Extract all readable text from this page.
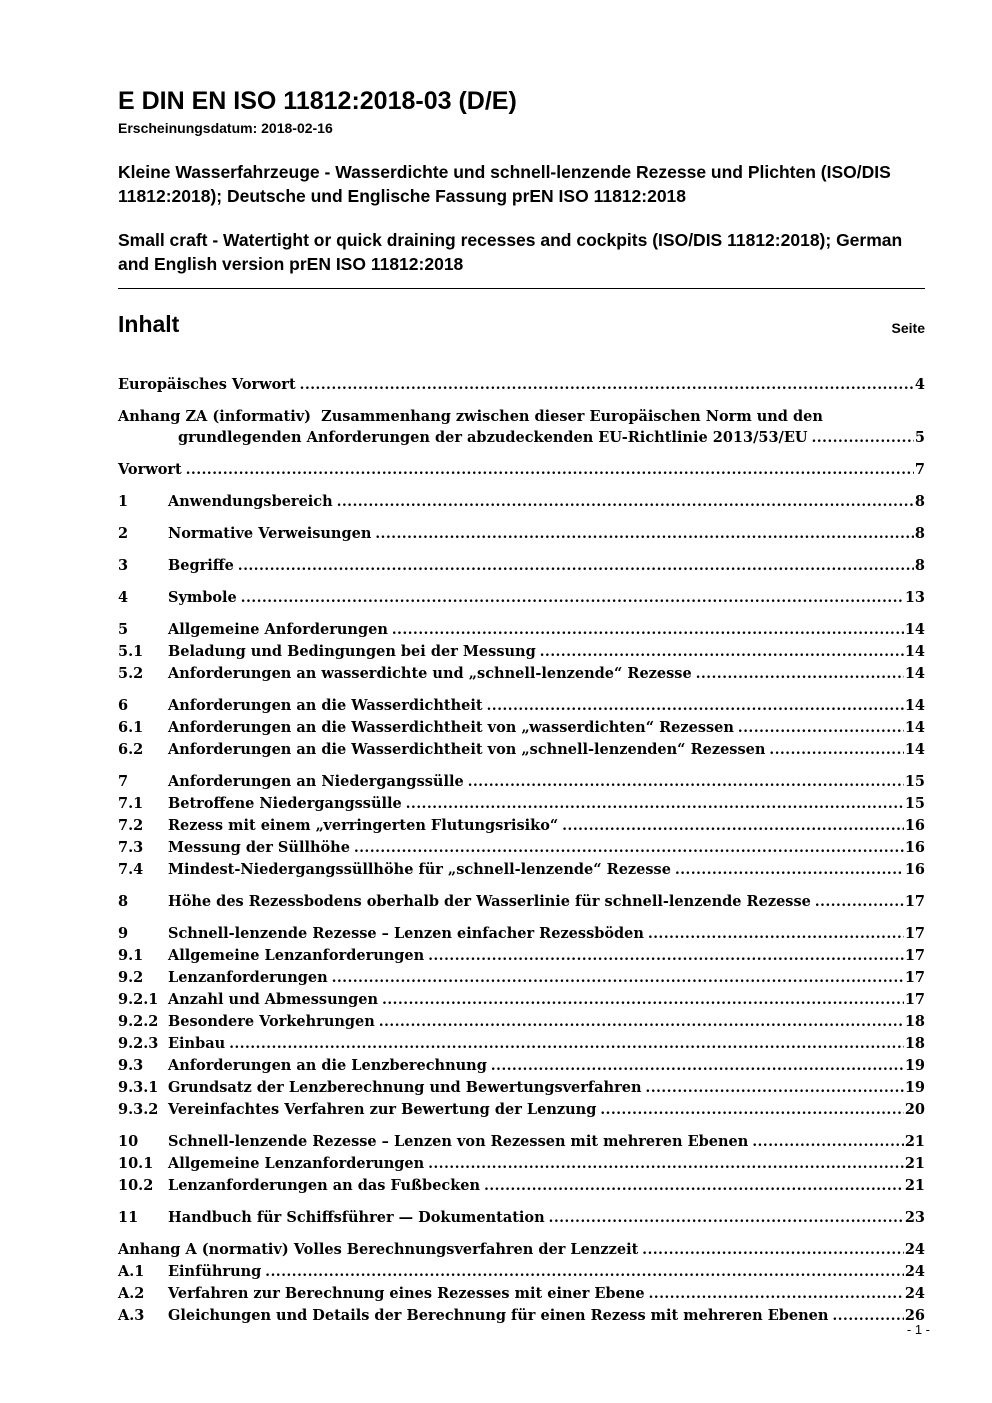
E DIN EN ISO 11812:2018-03 (D/E)
Erscheinungsdatum: 2018-02-16

Kleine Wasserfahrzeuge - Wasserdichte und schnell-lenzende Rezesse und Plichten (ISO/DIS 11812:2018); Deutsche und Englische Fassung prEN ISO 11812:2018

Small craft - Watertight or quick draining recesses and cockpits (ISO/DIS 11812:2018); German and English version prEN ISO 11812:2018

Inhalt	Seite
Europäisches Vorwort .....	4
Anhang ZA (informativ)  Zusammenhang zwischen dieser Europäischen Norm und den
grundlegenden Anforderungen der abzudeckenden EU-Richtlinie 2013/53/EU .....	5
Vorwort .....	7
1	Anwendungsbereich .....	8
2	Normative Verweisungen .....	8
3	Begriffe .....	8
4	Symbole .....	13
5	Allgemeine Anforderungen .....	14
5.1	Beladung und Bedingungen bei der Messung .....	14
5.2	Anforderungen an wasserdichte und „schnell-lenzende“ Rezesse .....	14
6	Anforderungen an die Wasserdichtheit .....	14
6.1	Anforderungen an die Wasserdichtheit von „wasserdichten“ Rezessen .....	14
6.2	Anforderungen an die Wasserdichtheit von „schnell-lenzenden“ Rezessen .....	14
7	Anforderungen an Niedergangssülle .....	15
7.1	Betroffene Niedergangssülle .....	15
7.2	Rezess mit einem „verringerten Flutungsrisiko“ .....	16
7.3	Messung der Süllhöhe .....	16
7.4	Mindest-Niedergangssüllhöhe für „schnell-lenzende“ Rezesse .....	16
8	Höhe des Rezessbodens oberhalb der Wasserlinie für schnell-lenzende Rezesse .....	17
9	Schnell-lenzende Rezesse – Lenzen einfacher Rezessböden .....	17
9.1	Allgemeine Lenzanforderungen .....	17
9.2	Lenzanforderungen .....	17
9.2.1 Anzahl und Abmessungen .....	17
9.2.2 Besondere Vorkehrungen .....	18
9.2.3 Einbau .....	18
9.3	Anforderungen an die Lenzberechnung .....	19
9.3.1 Grundsatz der Lenzberechnung und Bewertungsverfahren .....	19
9.3.2 Vereinfachtes Verfahren zur Bewertung der Lenzung .....	20
10	Schnell-lenzende Rezesse – Lenzen von Rezessen mit mehreren Ebenen .....	21
10.1	Allgemeine Lenzanforderungen .....	21
10.2	Lenzanforderungen an das Fußbecken .....	21
11	Handbuch für Schiffsführer — Dokumentation .....	23
Anhang A (normativ) Volles Berechnungsverfahren der Lenzzeit .....	24
A.1	Einführung .....	24
A.2	Verfahren zur Berechnung eines Rezesses mit einer Ebene .....	24
A.3	Gleichungen und Details der Berechnung für einen Rezess mit mehreren Ebenen .....	26
- 1 -
